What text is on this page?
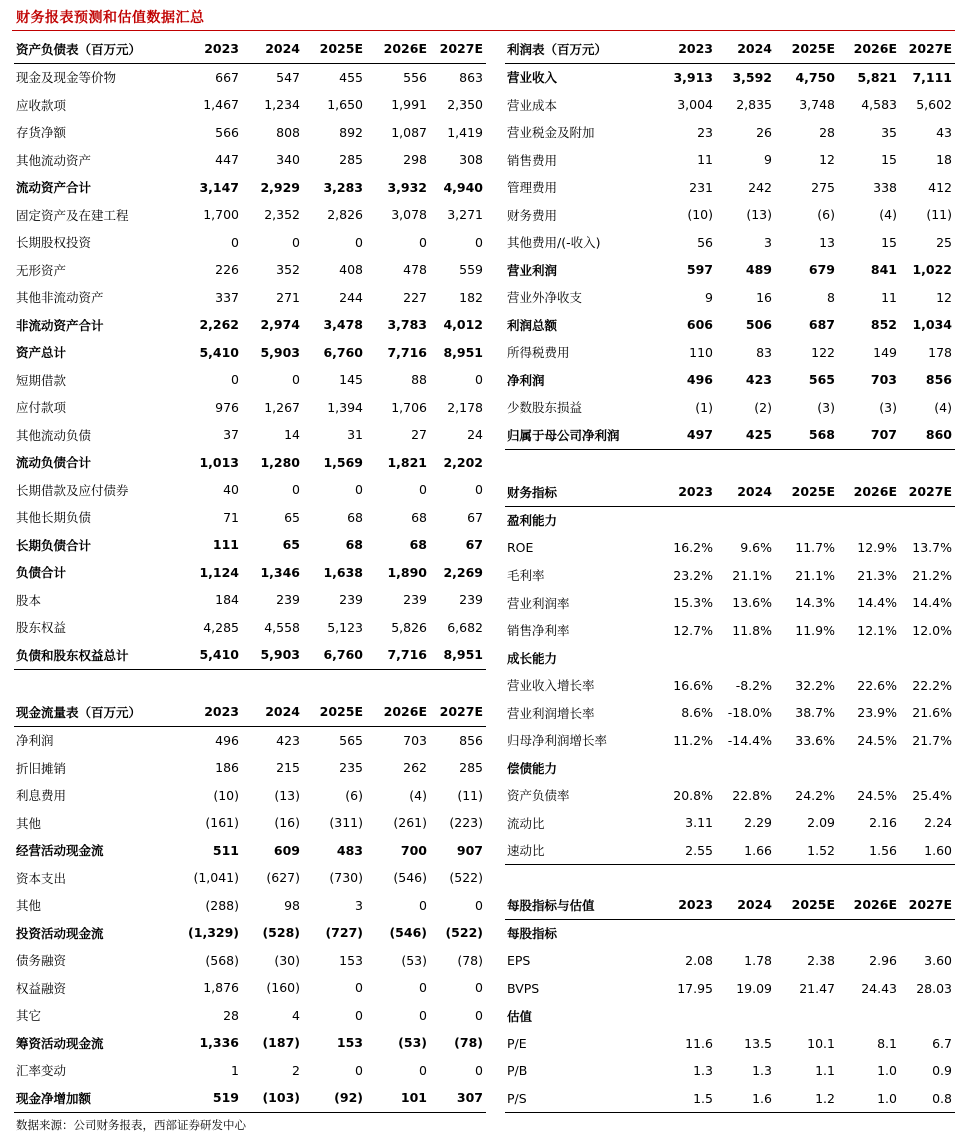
财务报表预测和估值数据汇总
资产负债表（百万元）	2023	2024	2025E	2026E	2027E
现金及现金等价物	667	547	455	556	863
应收款项	1,467	1,234	1,650	1,991	2,350
存货净额	566	808	892	1,087	1,419
其他流动资产	447	340	285	298	308
流动资产合计	3,147	2,929	3,283	3,932	4,940
固定资产及在建工程	1,700	2,352	2,826	3,078	3,271
长期股权投资	0	0	0	0	0
无形资产	226	352	408	478	559
其他非流动资产	337	271	244	227	182
非流动资产合计	2,262	2,974	3,478	3,783	4,012
资产总计	5,410	5,903	6,760	7,716	8,951
短期借款	0	0	145	88	0
应付款项	976	1,267	1,394	1,706	2,178
其他流动负债	37	14	31	27	24
流动负债合计	1,013	1,280	1,569	1,821	2,202
长期借款及应付债券	40	0	0	0	0
其他长期负债	71	65	68	68	67
长期负债合计	111	65	68	68	67
负债合计	1,124	1,346	1,638	1,890	2,269
股本	184	239	239	239	239
股东权益	4,285	4,558	5,123	5,826	6,682
负债和股东权益总计	5,410	5,903	6,760	7,716	8,951
现金流量表（百万元）	2023	2024	2025E	2026E	2027E
净利润	496	423	565	703	856
折旧摊销	186	215	235	262	285
利息费用	(10)	(13)	(6)	(4)	(11)
其他	(161)	(16)	(311)	(261)	(223)
经营活动现金流	511	609	483	700	907
资本支出	(1,041)	(627)	(730)	(546)	(522)
其他	(288)	98	3	0	0
投资活动现金流	(1,329)	(528)	(727)	(546)	(522)
债务融资	(568)	(30)	153	(53)	(78)
权益融资	1,876	(160)	0	0	0
其它	28	4	0	0	0
筹资活动现金流	1,336	(187)	153	(53)	(78)
汇率变动	1	2	0	0	0
现金净增加额	519	(103)	(92)	101	307
利润表（百万元）	2023	2024	2025E	2026E	2027E
营业收入	3,913	3,592	4,750	5,821	7,111
营业成本	3,004	2,835	3,748	4,583	5,602
营业税金及附加	23	26	28	35	43
销售费用	11	9	12	15	18
管理费用	231	242	275	338	412
财务费用	(10)	(13)	(6)	(4)	(11)
其他费用/(-收入)	56	3	13	15	25
营业利润	597	489	679	841	1,022
营业外净收支	9	16	8	11	12
利润总额	606	506	687	852	1,034
所得税费用	110	83	122	149	178
净利润	496	423	565	703	856
少数股东损益	(1)	(2)	(3)	(3)	(4)
归属于母公司净利润	497	425	568	707	860
财务指标	2023	2024	2025E	2026E	2027E
盈利能力					
ROE	16.2%	9.6%	11.7%	12.9%	13.7%
毛利率	23.2%	21.1%	21.1%	21.3%	21.2%
营业利润率	15.3%	13.6%	14.3%	14.4%	14.4%
销售净利率	12.7%	11.8%	11.9%	12.1%	12.0%
成长能力					
营业收入增长率	16.6%	-8.2%	32.2%	22.6%	22.2%
营业利润增长率	8.6%	-18.0%	38.7%	23.9%	21.6%
归母净利润增长率	11.2%	-14.4%	33.6%	24.5%	21.7%
偿债能力					
资产负债率	20.8%	22.8%	24.2%	24.5%	25.4%
流动比	3.11	2.29	2.09	2.16	2.24
速动比	2.55	1.66	1.52	1.56	1.60
每股指标与估值	2023	2024	2025E	2026E	2027E
每股指标					
EPS	2.08	1.78	2.38	2.96	3.60
BVPS	17.95	19.09	21.47	24.43	28.03
估值					
P/E	11.6	13.5	10.1	8.1	6.7
P/B	1.3	1.3	1.1	1.0	0.9
P/S	1.5	1.6	1.2	1.0	0.8
数据来源：公司财务报表，西部证券研发中心
